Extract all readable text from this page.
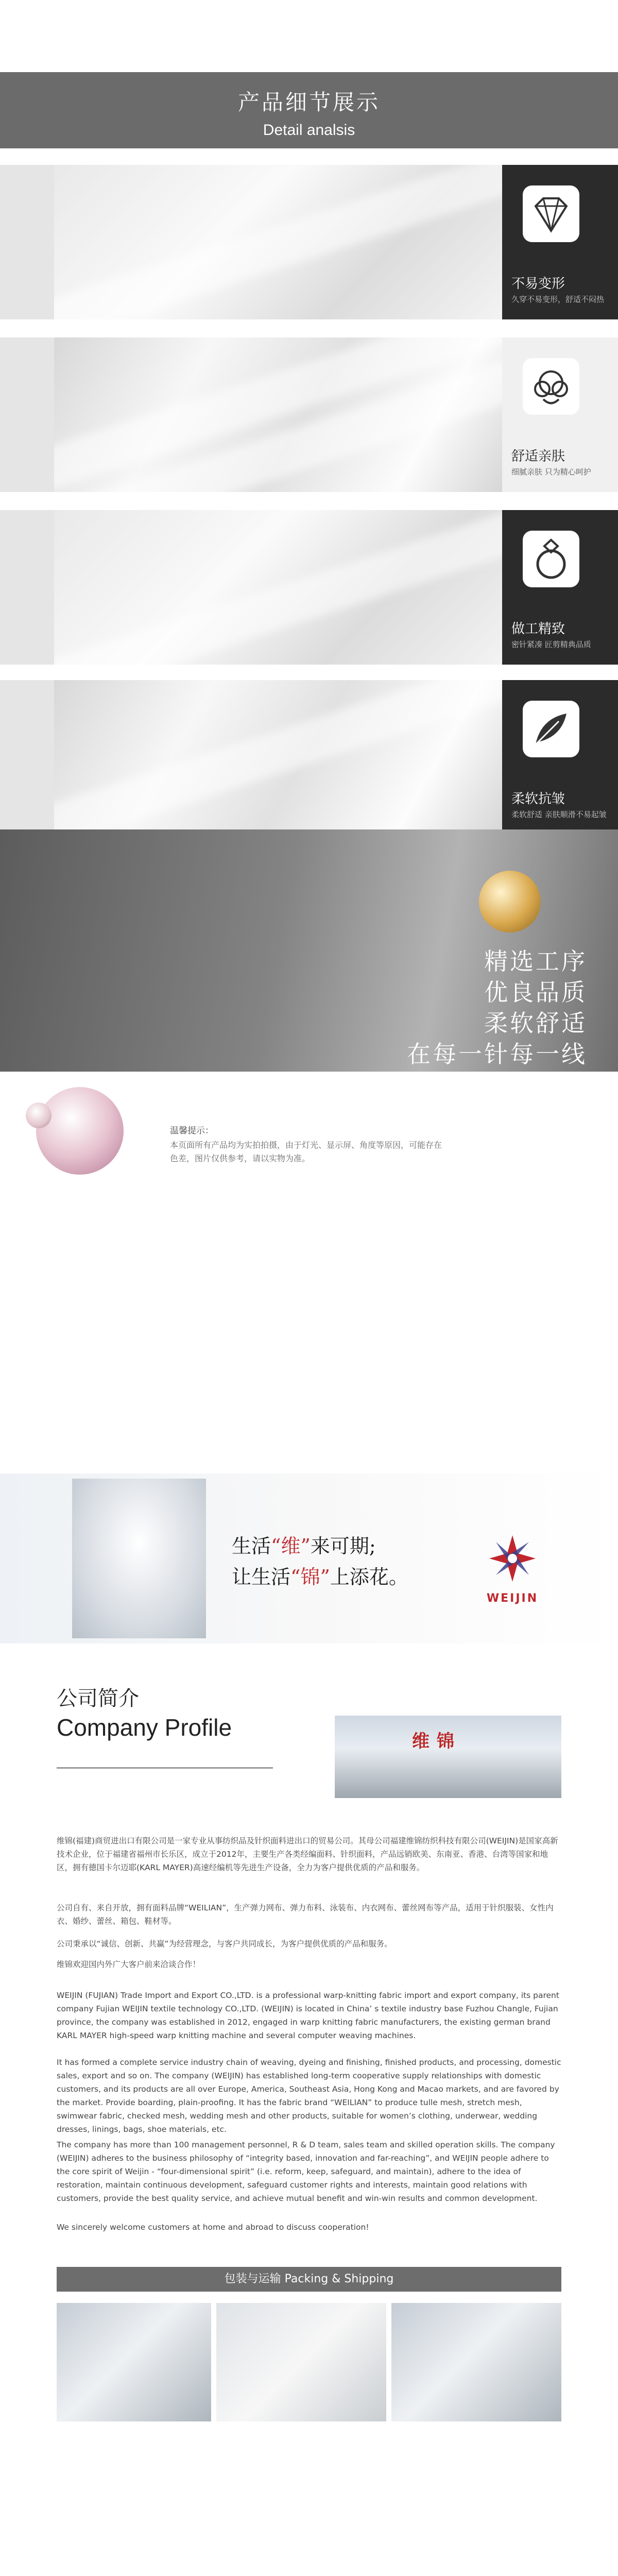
产品细节展示
Detail analsis
不易变形
久穿不易变形，舒适不闷热
舒适亲肤
细腻亲肤 只为精心呵护
做工精致
密针紧凑 匠剪精典品质
柔软抗皱
柔软舒适 亲肤顺滑不易起皱
精选工序
优良品质
柔软舒适
在每一针每一线
温馨提示：
本页面所有产品均为实拍拍摄，由于灯光、显示屏、角度等原因，可能存在色差，图片仅供参考，请以实物为准。
生活“维”来可期;
让生活“锦”上添花。
WEIJIN
公司简介
Company Profile
维锦
维锦(福建)商贸进出口有限公司是一家专业从事纺织品及针织面料进出口的贸易公司。其母公司福建维锦纺织科技有限公司(WEIJIN)是国家高新技术企业，位于福建省福州市长乐区，成立于2012年，主要生产各类经编面料、针织面料，产品远销欧美、东南亚、香港、台湾等国家和地区，拥有德国卡尔迈耶(KARL MAYER)高速经编机等先进生产设备，全力为客户提供优质的产品和服务。
公司自有、来自开放，拥有面料品牌“WEILIAN”，生产弹力网布、弹力布料、泳装布、内衣网布、蕾丝网布等产品，适用于针织服装、女性内衣、婚纱、蕾丝、箱包、鞋材等。
公司秉承以“诚信、创新、共赢”为经营理念，与客户共同成长，为客户提供优质的产品和服务。
维锦欢迎国内外广大客户前来洽谈合作！
WEIJIN (FUJIAN) Trade Import and Export CO.,LTD. is a professional warp-knitting fabric import and export company, its parent company Fujian WEIJIN textile technology CO.,LTD. (WEIJIN) is located in China’ s textile industry base Fuzhou Changle, Fujian province, the company was established in 2012, engaged in warp knitting fabric manufacturers, the existing german brand KARL MAYER high-speed warp knitting machine and several computer weaving machines.
It has formed a complete service industry chain of weaving, dyeing and finishing, finished products, and processing, domestic sales, export and so on. The company (WEIJIN) has established long-term cooperative supply relationships with domestic customers, and its products are all over Europe, America, Southeast Asia, Hong Kong and Macao markets, and are favored by the market. Provide boarding, plain-proofing. It has the fabric brand “WEILIAN” to produce tulle mesh, stretch mesh, swimwear fabric, checked mesh, wedding mesh and other products, suitable for women’s clothing, underwear, wedding dresses, linings, bags, shoe materials, etc.
The company has more than 100 management personnel, R & D team, sales team and skilled operation skills. The company (WEIJIN) adheres to the business philosophy of “integrity based, innovation and far-reaching”, and WEIJIN people adhere to the core spirit of Weijin - “four-dimensional spirit” (i.e. reform, keep, safeguard, and maintain), adhere to the idea of restoration, maintain continuous development, safeguard customer rights and interests, maintain good relations with customers, provide the best quality service, and achieve mutual benefit and win-win results and common development.
We sincerely welcome customers at home and abroad to discuss cooperation!
包装与运输 Packing & Shipping
